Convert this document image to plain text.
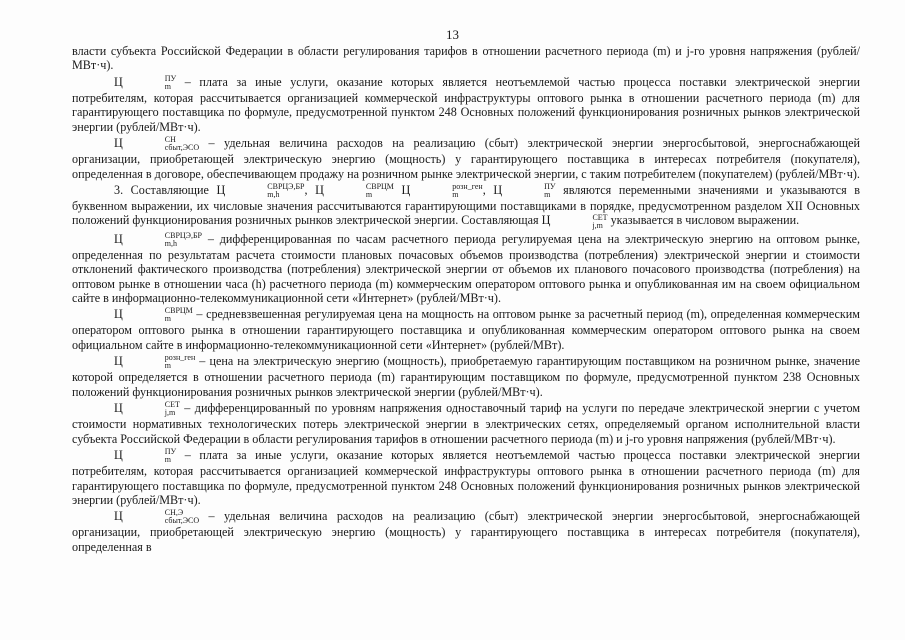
13

власти субъекта Российской Федерации в области регулирования тарифов в отношении расчетного периода (m) и j-го уровня напряжения (рублей/МВт·ч).

Ц	ПУ
m – плата за иные услуги, оказание которых является неотъемлемой частью процесса поставки электрической энергии потребителям, которая рассчитывается организацией коммерческой инфраструктуры оптового рынка в отношении расчетного периода (m) для гарантирующего поставщика по формуле, предусмотренной пунктом 248 Основных положений функционирования розничных рынков электрической энергии (рублей/МВт·ч).

Ц	СН
сбыт,ЭСО – удельная величина расходов на реализацию (сбыт) электрической энергии энергосбытовой, энергоснабжающей организации, приобретающей электрическую энергию (мощность) у гарантирующего поставщика в интересах потребителя (покупателя), определенная в договоре, обеспечивающем продажу на розничном рынке электрической энергии, с таким потребителем (покупателем) (рублей/МВт·ч).

3. Составляющие Ц	СВРЦЭ,БР
m,h	, Ц	СВРЦМ
m	Ц	розн_ген
m	, Ц	ПУ
m являются переменными значениями и указываются в буквенном выражении, их числовые значения рассчитываются гарантирующими поставщиками в порядке, предусмотренном разделом XII Основных положений функционирования розничных рынков электрической энергии. Составляющая Ц	СЕТ
j,m указывается в числовом выражении.

Ц	СВРЦЭ,БР
m,h	– дифференцированная по часам расчетного периода регулируемая цена на электрическую энергию на оптовом рынке, определенная по результатам расчета стоимости плановых почасовых объемов производства (потребления) электрической энергии и стоимости отклонений фактического производства (потребления) электрической энергии от объемов их планового почасового производства (потребления) на оптовом рынке в отношении часа (h) расчетного периода (m) коммерческим оператором оптового рынка и опубликованная им на своем официальном сайте в информационно-телекоммуникационной сети «Интернет» (рублей/МВт·ч).

Ц	СВРЦМ
m	– средневзвешенная регулируемая цена на мощность на оптовом рынке за расчетный период (m), определенная коммерческим оператором оптового рынка в отношении гарантирующего поставщика и опубликованная коммерческим оператором оптового рынка на своем официальном сайте в информационно-телекоммуникационной сети «Интернет» (рублей/МВт).

Ц	розн_ген
m	– цена на электрическую энергию (мощность), приобретаемую гарантирующим поставщиком на розничном рынке, значение которой определяется в отношении расчетного периода (m) гарантирующим поставщиком по формуле, предусмотренной пунктом 238 Основных положений функционирования розничных рынков электрической энергии (рублей/МВт·ч).

Ц	СЕТ
j,m – дифференцированный по уровням напряжения одноставочный тариф на услуги по передаче электрической энергии с учетом стоимости нормативных технологических потерь электрической энергии в электрических сетях, определяемый органом исполнительной власти субъекта Российской Федерации в области регулирования тарифов в отношении расчетного периода (m) и j-го уровня напряжения (рублей/МВт·ч).

Ц	ПУ
m – плата за иные услуги, оказание которых является неотъемлемой частью процесса поставки электрической энергии потребителям, которая рассчитывается организацией коммерческой инфраструктуры оптового рынка в отношении расчетного периода (m) для гарантирующего поставщика по формуле, предусмотренной пунктом 248 Основных положений функционирования розничных рынков электрической энергии (рублей/МВт·ч).

Ц	СН,Э
сбыт,ЭСО – удельная величина расходов на реализацию (сбыт) электрической энергии энергосбытовой, энергоснабжающей организации, приобретающей электрическую энергию (мощность) у гарантирующего поставщика в интересах потребителя (покупателя), определенная в
